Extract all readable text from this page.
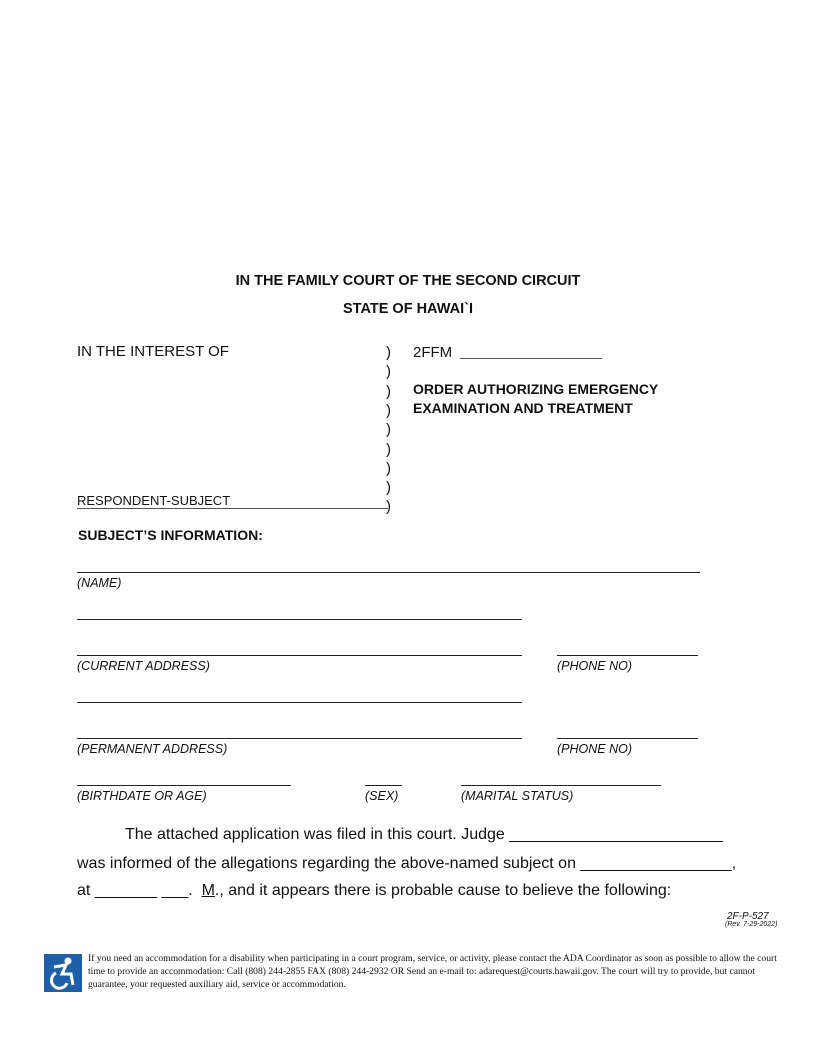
IN THE FAMILY COURT OF THE SECOND CIRCUIT
STATE OF HAWAI`I
IN THE INTEREST OF
RESPONDENT-SUBJECT
)
)
)
)
)
)
)
)
)
2FFM
ORDER AUTHORIZING EMERGENCY
EXAMINATION AND TREATMENT
SUBJECT’S INFORMATION:
(NAME)
(CURRENT ADDRESS)	(PHONE NO)
(PERMANENT ADDRESS)	(PHONE NO)
(BIRTHDATE OR AGE)	(SEX)	(MARITAL STATUS)
The attached application was filed in this court. Judge ________________________
was informed of the allegations regarding the above-named subject on _________________,
at _______ ___.  M., and it appears there is probable cause to believe the following:
2F-P-527
(Rev. 7-29-2022)
If you need an accommodation for a disability when participating in a court program, service, or activity, please contact the ADA Coordinator as soon as possible to allow the court time to provide an accommodation: Call (808) 244-2855 FAX (808) 244-2932 OR Send an e-mail to: adarequest@courts.hawaii.gov. The court will try to provide, but cannot guarantee, your requested auxiliary aid, service or accommodation.
